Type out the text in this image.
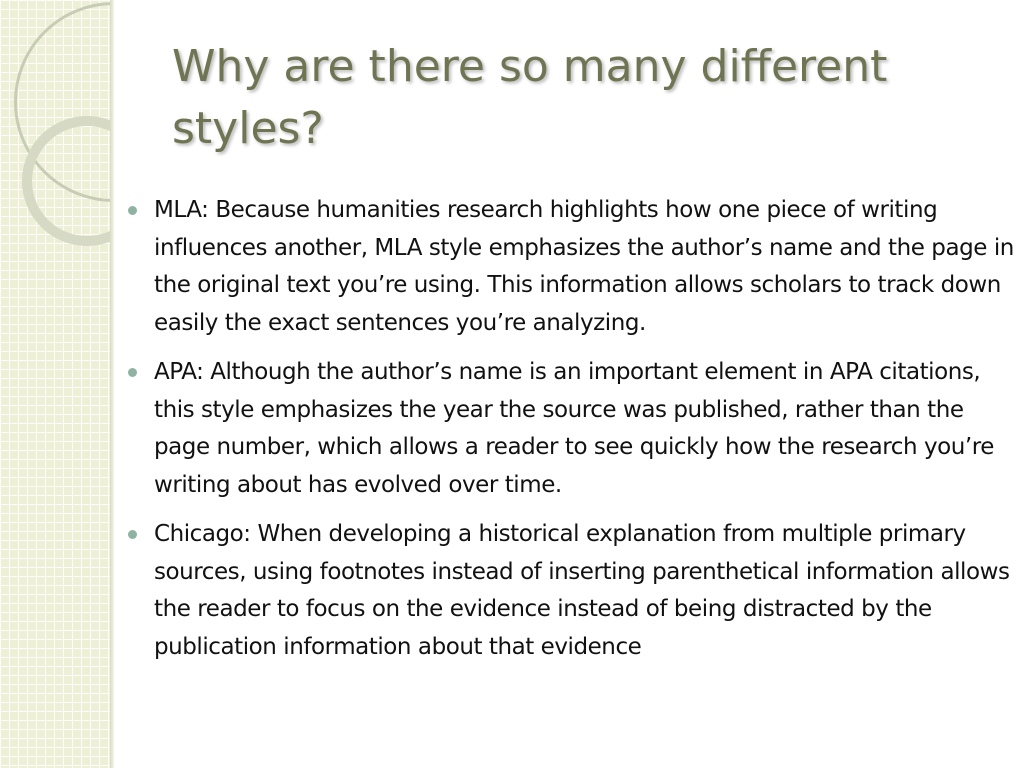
Why are there so many different styles?
MLA: Because humanities research highlights how one piece of writing influences another, MLA style emphasizes the author’s name and the page in the original text you’re using. This information allows scholars to track down easily the exact sentences you’re analyzing.
APA: Although the author’s name is an important element in APA citations, this style emphasizes the year the source was published, rather than the page number, which allows a reader to see quickly how the research you’re writing about has evolved over time.
Chicago: When developing a historical explanation from multiple primary sources, using footnotes instead of inserting parenthetical information allows the reader to focus on the evidence instead of being distracted by the publication information about that evidence
